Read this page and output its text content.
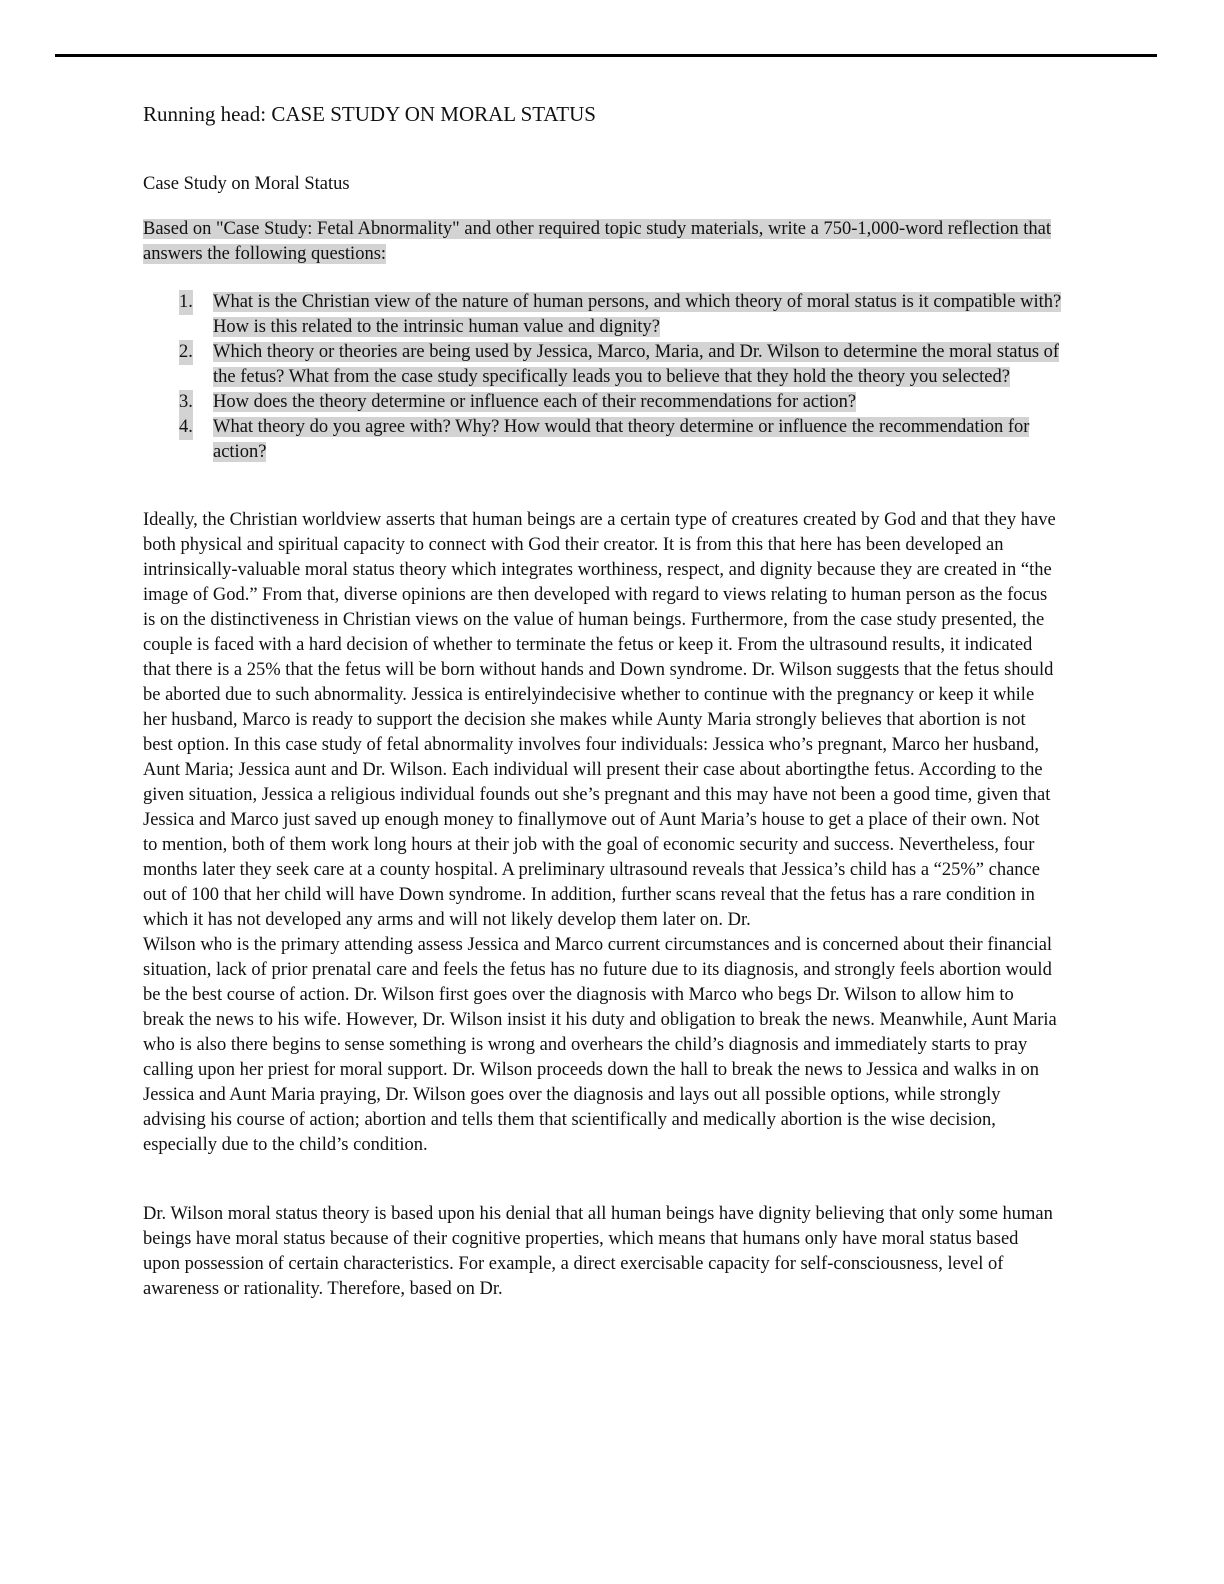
Running head: CASE STUDY ON MORAL STATUS

Case Study on Moral Status

Based on "Case Study: Fetal Abnormality" and other required topic study materials, write a 750-1,000-word reflection that answers the following questions:

1. What is the Christian view of the nature of human persons, and which theory of moral status is it compatible with? How is this related to the intrinsic human value and dignity?
2. Which theory or theories are being used by Jessica, Marco, Maria, and Dr. Wilson to determine the moral status of the fetus? What from the case study specifically leads you to believe that they hold the theory you selected?
3. How does the theory determine or influence each of their recommendations for action?
4. What theory do you agree with? Why? How would that theory determine or influence the recommendation for action?

Ideally, the Christian worldview asserts that human beings are a certain type of creatures created by God and that they have both physical and spiritual capacity to connect with God their creator. It is from this that here has been developed an intrinsically-valuable moral status theory which integrates worthiness, respect, and dignity because they are created in “the image of God.” From that, diverse opinions are then developed with regard to views relating to human person as the focus is on the distinctiveness in Christian views on the value of human beings. Furthermore, from the case study presented, the couple is faced with a hard decision of whether to terminate the fetus or keep it. From the ultrasound results, it indicated that there is a 25% that the fetus will be born without hands and Down syndrome. Dr. Wilson suggests that the fetus should be aborted due to such abnormality. Jessica is entirelyindecisive whether to continue with the pregnancy or keep it while her husband, Marco is ready to support the decision she makes while Aunty Maria strongly believes that abortion is not best option. In this case study of fetal abnormality involves four individuals: Jessica who’s pregnant, Marco her husband, Aunt Maria; Jessica aunt and Dr. Wilson. Each individual will present their case about abortingthe fetus. According to the given situation, Jessica a religious individual founds out she’s pregnant and this may have not been a good time, given that Jessica and Marco just saved up enough money to finallymove out of Aunt Maria’s house to get a place of their own. Not to mention, both of them work long hours at their job with the goal of economic security and success. Nevertheless, four months later they seek care at a county hospital. A preliminary ultrasound reveals that Jessica’s child has a “25%” chance out of 100 that her child will have Down syndrome. In addition, further scans reveal that the fetus has a rare condition in which it has not developed any arms and will not likely develop them later on. Dr.

Wilson who is the primary attending assess Jessica and Marco current circumstances and is concerned about their financial situation, lack of prior prenatal care and feels the fetus has no future due to its diagnosis, and strongly feels abortion would be the best course of action. Dr. Wilson first goes over the diagnosis with Marco who begs Dr. Wilson to allow him to break the news to his wife. However, Dr. Wilson insist it his duty and obligation to break the news. Meanwhile, Aunt Maria who is also there begins to sense something is wrong and overhears the child’s diagnosis and immediately starts to pray calling upon her priest for moral support. Dr. Wilson proceeds down the hall to break the news to Jessica and walks in on Jessica and Aunt Maria praying, Dr. Wilson goes over the diagnosis and lays out all possible options, while strongly advising his course of action; abortion and tells them that scientifically and medically abortion is the wise decision, especially due to the child’s condition.

Dr. Wilson moral status theory is based upon his denial that all human beings have dignity believing that only some human beings have moral status because of their cognitive properties, which means that humans only have moral status based upon possession of certain characteristics. For example, a direct exercisable capacity for self-consciousness, level of awareness or rationality. Therefore, based on Dr.
